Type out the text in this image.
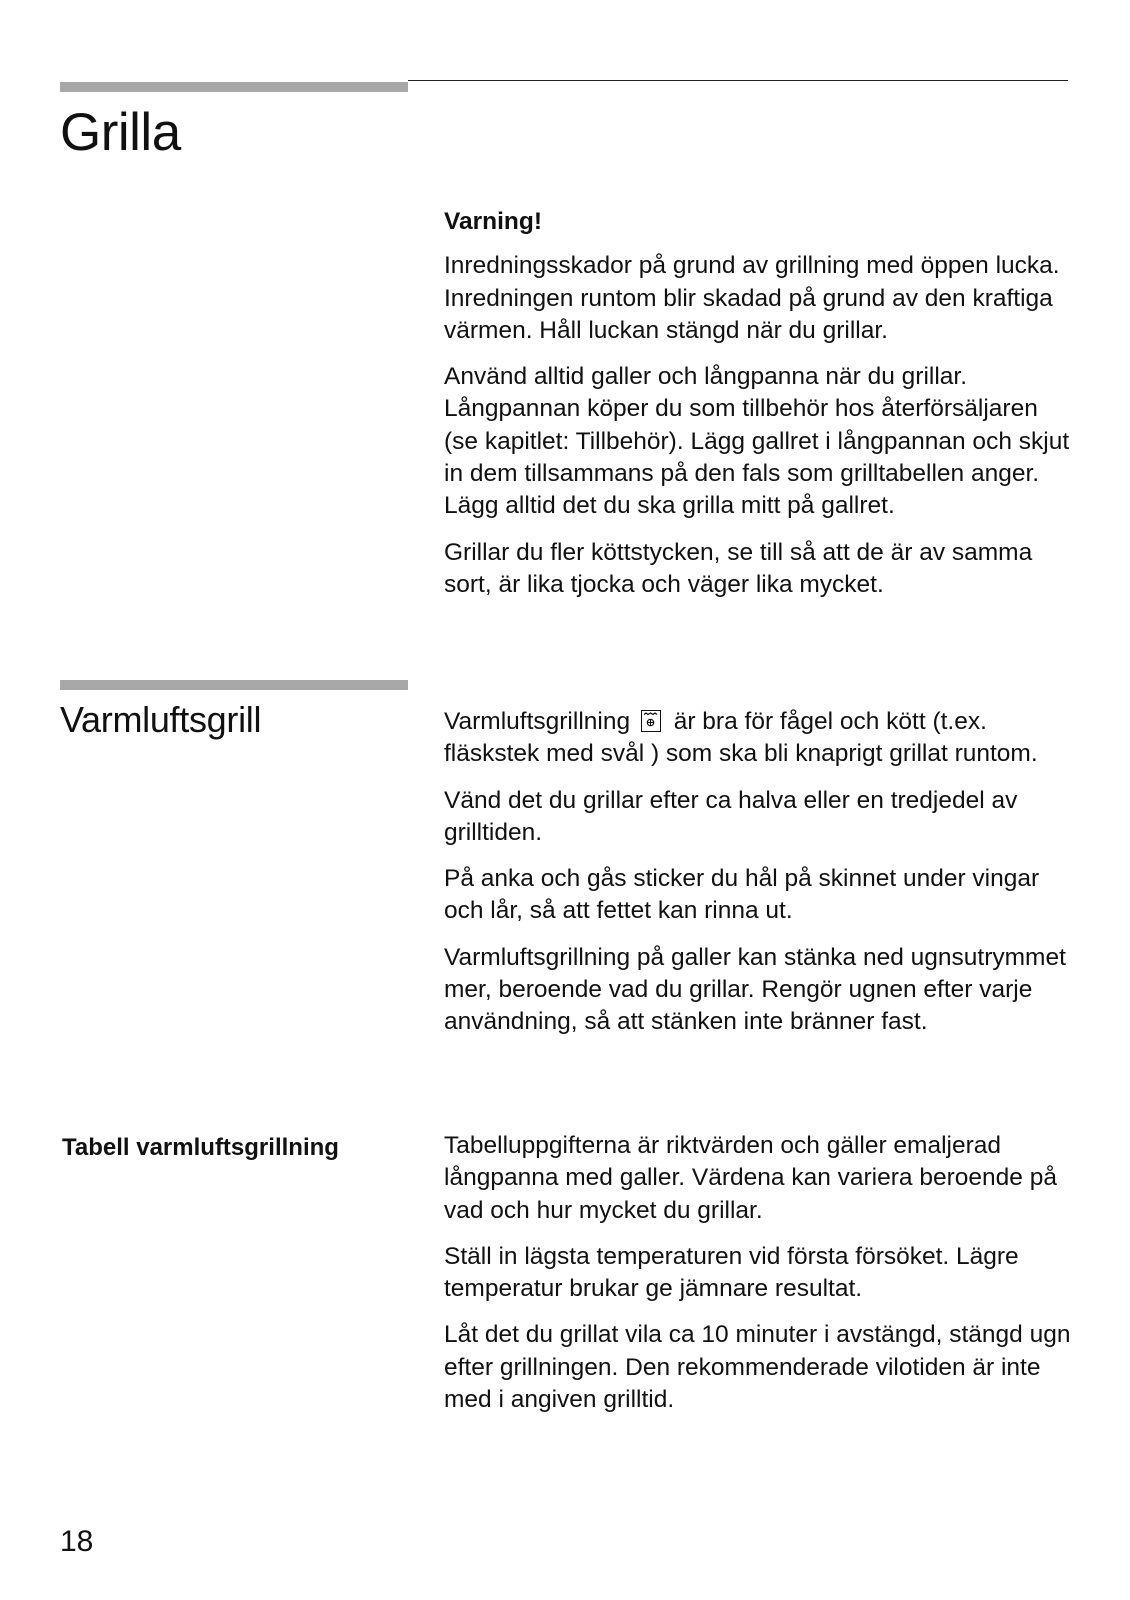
Grilla

Varning!

Inredningsskador på grund av grillning med öppen lucka. Inredningen runtom blir skadad på grund av den kraftiga värmen. Håll luckan stängd när du grillar.

Använd alltid galler och långpanna när du grillar. Långpannan köper du som tillbehör hos återförsäljaren (se kapitlet: Tillbehör). Lägg gallret i långpannan och skjut in dem tillsammans på den fals som grilltabellen anger. Lägg alltid det du ska grilla mitt på gallret.

Grillar du fler köttstycken, se till så att de är av samma sort, är lika tjocka och väger lika mycket.

Varmluftsgrill	Varmluftsgrillning är bra för fågel och kött (t.ex. fläskstek med svål ) som ska bli knaprigt grillat runtom.

Vänd det du grillar efter ca halva eller en tredjedel av grilltiden.

På anka och gås sticker du hål på skinnet under vingar och lår, så att fettet kan rinna ut.

Varmluftsgrillning på galler kan stänka ned ugnsutrymmet mer, beroende vad du grillar. Rengör ugnen efter varje användning, så att stänken inte bränner fast.

Tabell varmluftsgrillning	Tabelluppgifterna är riktvärden och gäller emaljerad långpanna med galler. Värdena kan variera beroende på vad och hur mycket du grillar.

Ställ in lägsta temperaturen vid första försöket. Lägre temperatur brukar ge jämnare resultat.

Låt det du grillat vila ca 10 minuter i avstängd, stängd ugn efter grillningen. Den rekommenderade vilotiden är inte med i angiven grilltid.

18
